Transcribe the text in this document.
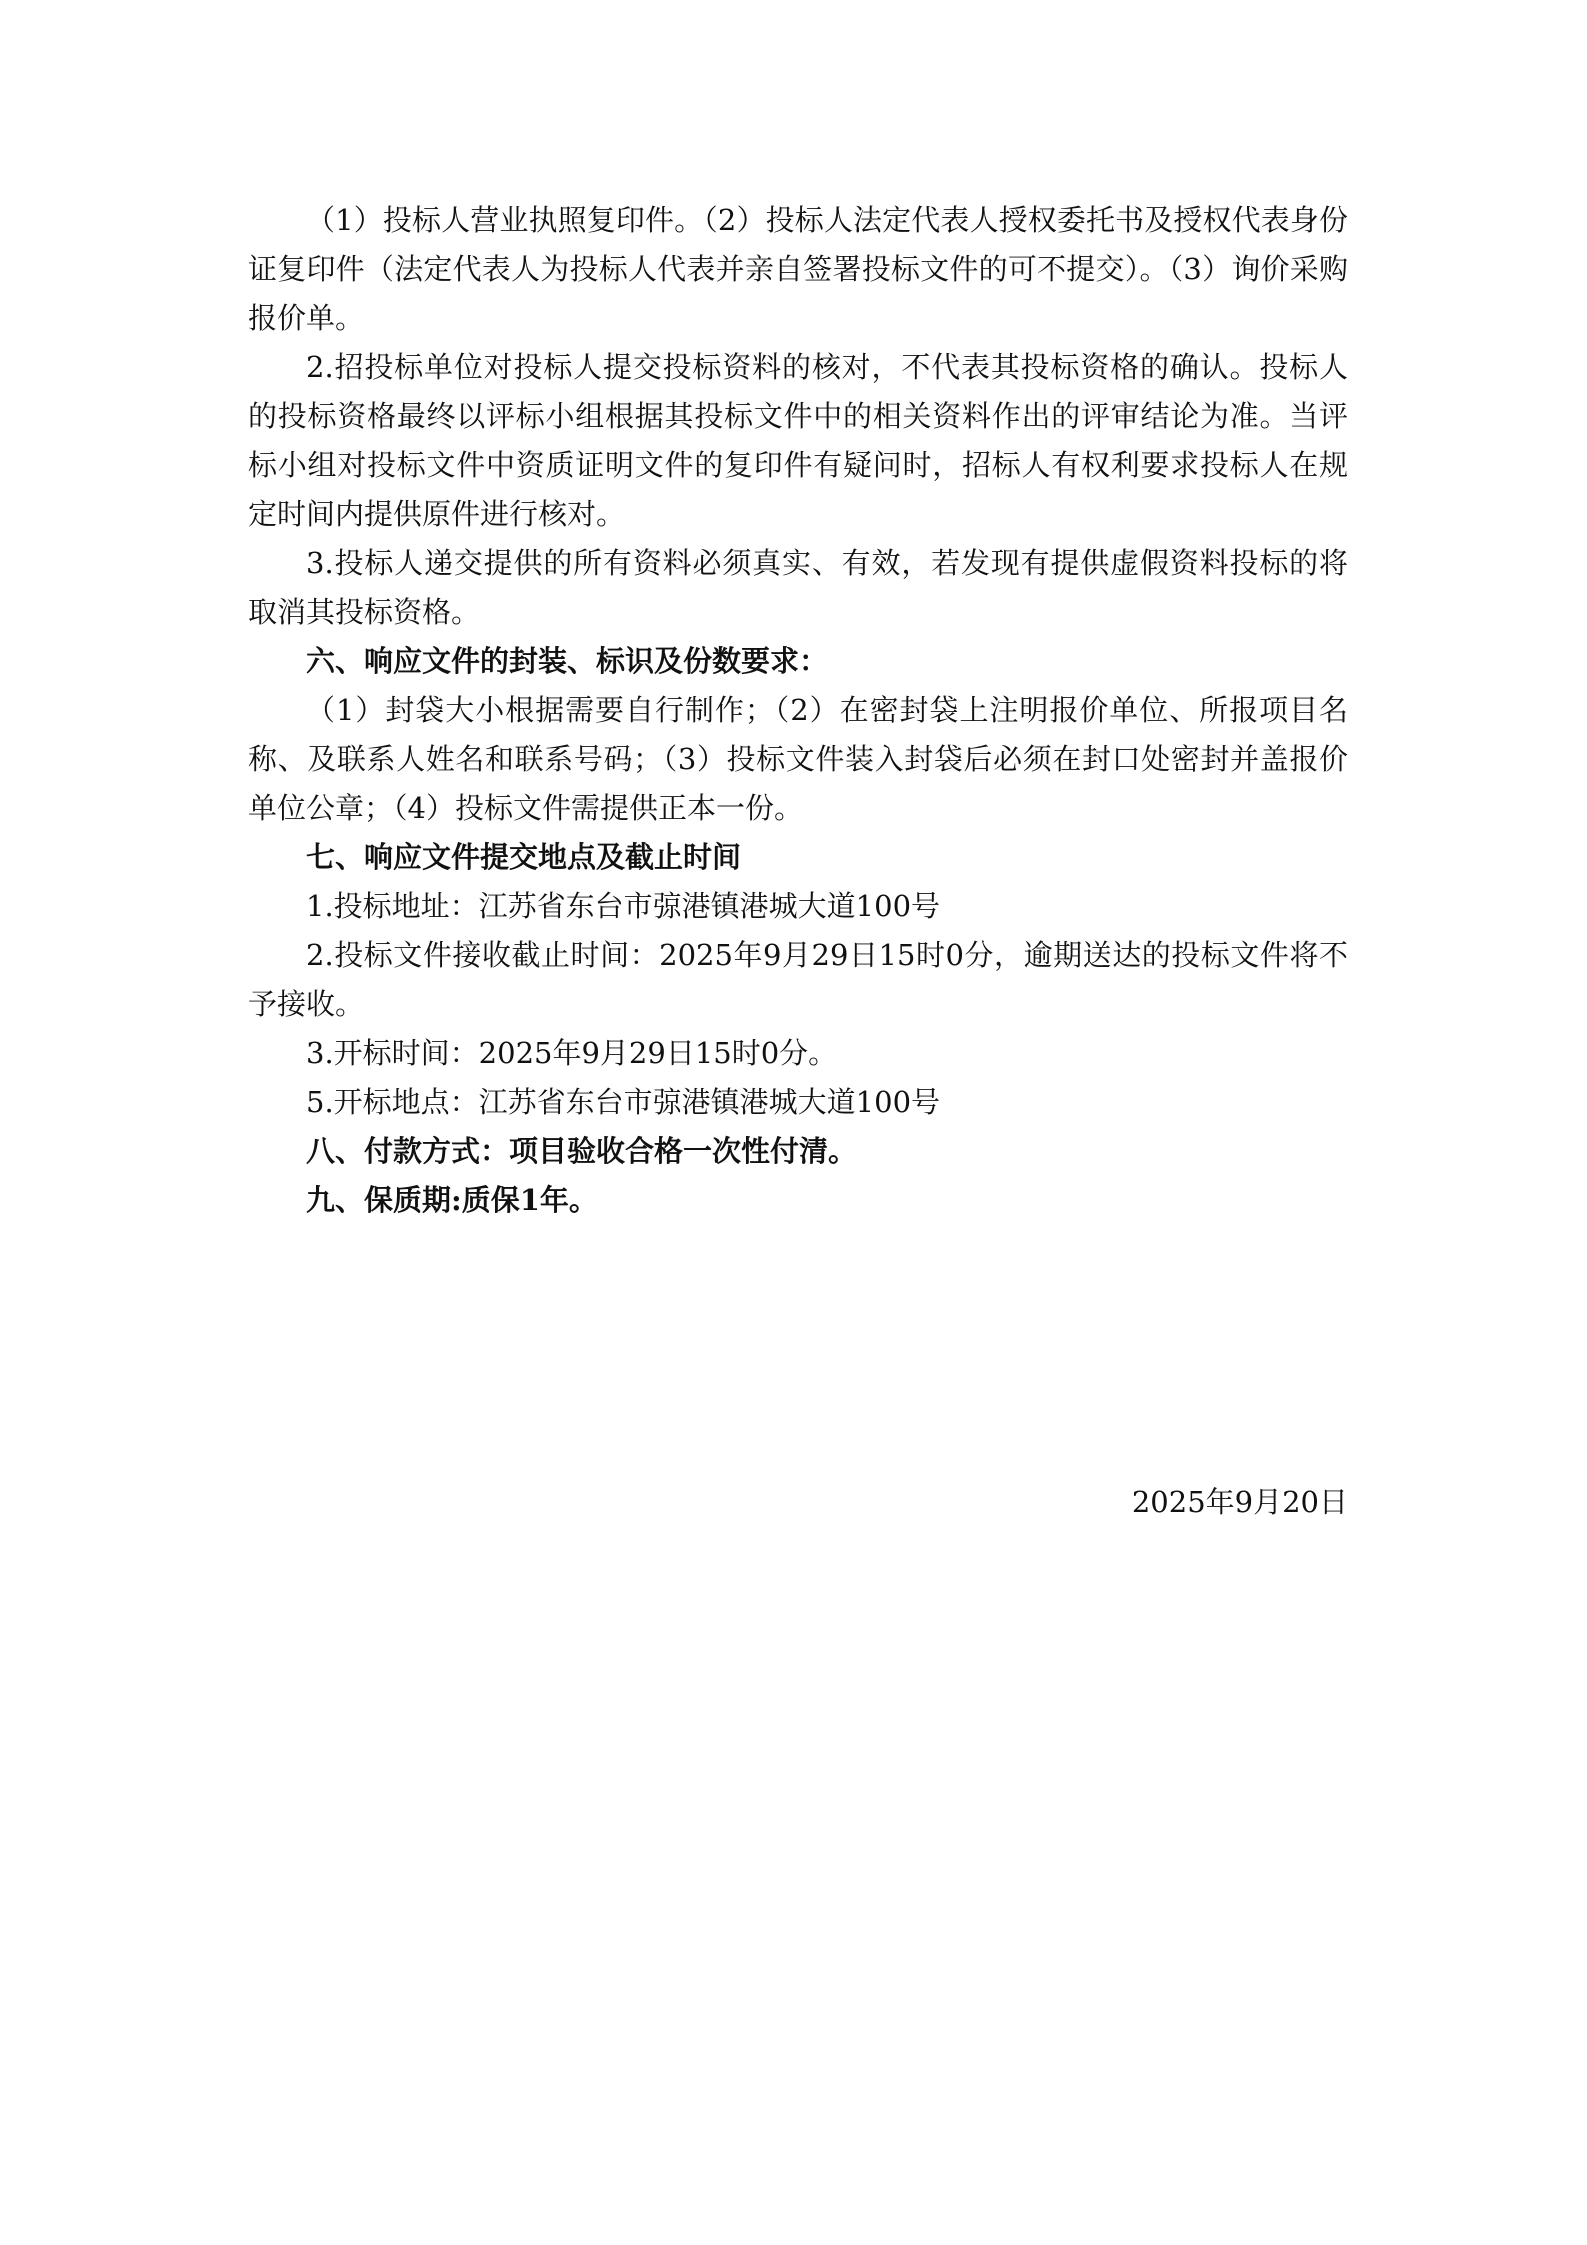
（1）投标人营业执照复印件。（2）投标人法定代表人授权委托书及授权代表身份证复印件（法定代表人为投标人代表并亲自签署投标文件的可不提交）。（3）询价采购报价单。

2.招投标单位对投标人提交投标资料的核对，不代表其投标资格的确认。投标人的投标资格最终以评标小组根据其投标文件中的相关资料作出的评审结论为准。当评标小组对投标文件中资质证明文件的复印件有疑问时，招标人有权利要求投标人在规定时间内提供原件进行核对。

3.投标人递交提供的所有资料必须真实、有效，若发现有提供虚假资料投标的将取消其投标资格。

六、响应文件的封装、标识及份数要求：

（1）封袋大小根据需要自行制作；（2）在密封袋上注明报价单位、所报项目名称、及联系人姓名和联系号码；（3）投标文件装入封袋后必须在封口处密封并盖报价单位公章；（4）投标文件需提供正本一份。

七、响应文件提交地点及截止时间

1.投标地址：江苏省东台市弶港镇港城大道100号

2.投标文件接收截止时间：2025年9月29日15时0分，逾期送达的投标文件将不予接收。

3.开标时间：2025年9月29日15时0分。

5.开标地点：江苏省东台市弶港镇港城大道100号

八、付款方式：项目验收合格一次性付清。

九、保质期:质保1年。

2025年9月20日
